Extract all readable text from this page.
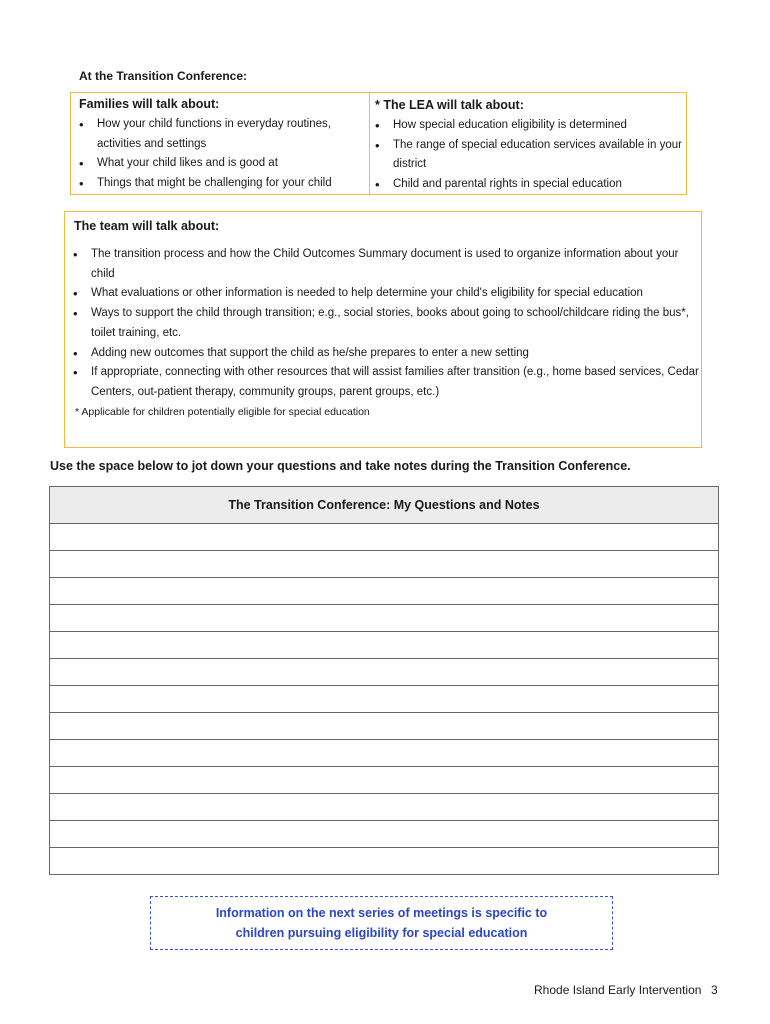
At the Transition Conference:
Families will talk about:
• How your child functions in everyday routines, activities and settings
• What your child likes and is good at
• Things that might be challenging for your child
* The LEA will talk about:
• How special education eligibility is determined
• The range of special education services available in your district
• Child and parental rights in special education
The team will talk about:
• The transition process and how the Child Outcomes Summary document is used to organize information about your child
• What evaluations or other information is needed to help determine your child's eligibility for special education
• Ways to support the child through transition; e.g., social stories, books about going to school/childcare riding the bus*, toilet training, etc.
• Adding new outcomes that support the child as he/she prepares to enter a new setting
• If appropriate, connecting with other resources that will assist families after transition (e.g., home based services, Cedar Centers, out-patient therapy, community groups, parent groups, etc.)
* Applicable for children potentially eligible for special education
Use the space below to jot down your questions and take notes during the Transition Conference.
The Transition Conference: My Questions and Notes
Information on the next series of meetings is specific to
children pursuing eligibility for special education
Rhode Island Early Intervention 3
